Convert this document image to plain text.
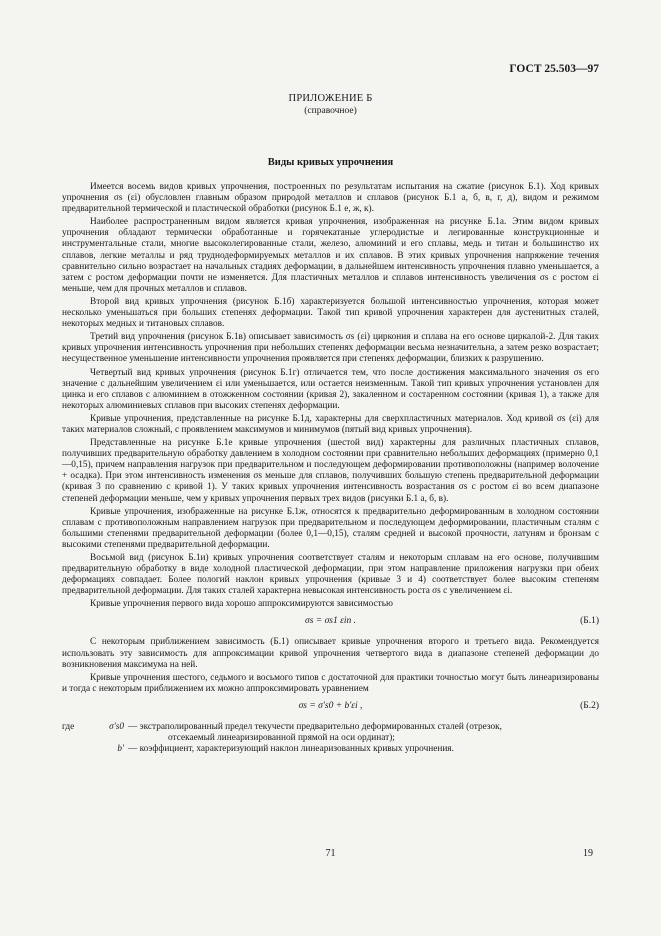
ГОСТ 25.503—97
ПРИЛОЖЕНИЕ Б
(справочное)
Виды кривых упрочнения

Имеется восемь видов кривых упрочнения, построенных по результатам испытания на сжатие (рисунок Б.1). Ход кривых упрочнения σs (εi) обусловлен главным образом природой металлов и сплавов (рисунок Б.1 а, б, в, г, д), видом и режимом предварительной термической и пластической обработки (рисунок Б.1 е, ж, к).

Наиболее распространенным видом является кривая упрочнения, изображенная на рисунке Б.1а. Этим видом кривых упрочнения обладают термически обработанные и горячекатаные углеродистые и легированные конструкционные и инструментальные стали, многие высоколегированные стали, железо, алюминий и его сплавы, медь и титан и большинство их сплавов, легкие металлы и ряд труднодеформируемых металлов и их сплавов. В этих кривых упрочнения напряжение течения сравнительно сильно возрастает на начальных стадиях деформации, в дальнейшем интенсивность упрочнения плавно уменьшается, а затем с ростом деформации почти не изменяется. Для пластичных металлов и сплавов интенсивность увеличения σs с ростом εi меньше, чем для прочных металлов и сплавов.

Второй вид кривых упрочнения (рисунок Б.1б) характеризуется большой интенсивностью упрочнения, которая может несколько уменьшаться при больших степенях деформации. Такой тип кривой упрочнения характерен для аустенитных сталей, некоторых медных и титановых сплавов.

Третий вид упрочнения (рисунок Б.1в) описывает зависимость σs (εi) циркония и сплава на его основе циркалой-2. Для таких кривых упрочнения интенсивность упрочнения при небольших степенях деформации весьма незначительна, а затем резко возрастает; несущественное уменьшение интенсивности упрочнения проявляется при степенях деформации, близких к разрушению.

Четвертый вид кривых упрочнения (рисунок Б.1г) отличается тем, что после достижения максимального значения σs его значение с дальнейшим увеличением εi или уменьшается, или остается неизменным. Такой тип кривых упрочнения установлен для цинка и его сплавов с алюминием в отожженном состоянии (кривая 2), закаленном и состаренном состоянии (кривая 1), а также для некоторых алюминиевых сплавов при высоких степенях деформации.

Кривые упрочнения, представленные на рисунке Б.1д, характерны для сверхпластичных материалов. Ход кривой σs (εi) для таких материалов сложный, с проявлением максимумов и минимумов (пятый вид кривых упрочнения).

Представленные на рисунке Б.1е кривые упрочнения (шестой вид) характерны для различных пластичных сплавов, получивших предварительную обработку давлением в холодном состоянии при сравнительно небольших деформациях (примерно 0,1—0,15), причем направления нагрузок при предварительном и последующем деформировании противоположны (например волочение + осадка). При этом интенсивность изменения σs меньше для сплавов, получивших большую степень предварительной деформации (кривая 3 по сравнению с кривой 1). У таких кривых упрочнения интенсивность возрастания σs с ростом εi во всем диапазоне степеней деформации меньше, чем у кривых упрочнения первых трех видов (рисунки Б.1 а, б, в).

Кривые упрочнения, изображенные на рисунке Б.1ж, относятся к предварительно деформированным в холодном состоянии сплавам с противоположным направлением нагрузок при предварительном и последующем деформировании, пластичным сталям с большими степенями предварительной деформации (более 0,1—0,15), сталям средней и высокой прочности, латуням и бронзам с высокими степенями предварительной деформации.

Восьмой вид (рисунок Б.1и) кривых упрочнения соответствует сталям и некоторым сплавам на его основе, получившим предварительную обработку в виде холодной пластической деформации, при этом направление приложения нагрузки при обеих деформациях совпадает. Более пологий наклон кривых упрочнения (кривые 3 и 4) соответствует более высоким степеням предварительной деформации. Для таких сталей характерна невысокая интенсивность роста σs с увеличением εi.

Кривые упрочнения первого вида хорошо аппроксимируются зависимостью

σs = σs1 εin .	(Б.1)

С некоторым приближением зависимость (Б.1) описывает кривые упрочнения второго и третьего вида. Рекомендуется использовать эту зависимость для аппроксимации кривой упрочнения четвертого вида в диапазоне степеней деформации до возникновения максимума на ней.

Кривые упрочнения шестого, седьмого и восьмого типов с достаточной для практики точностью могут быть линеаризированы и тогда с некоторым приближением их можно аппроксимировать уравнением

σs = σ′s0 + b′εi ,	(Б.2)
где	σ′s0 — экстраполированный предел текучести предварительно деформированных сталей (отрезок,
отсекаемый линеаризированной прямой на оси ординат);
b′ — коэффициент, характеризующий наклон линеаризованных кривых упрочнения.
71	19
